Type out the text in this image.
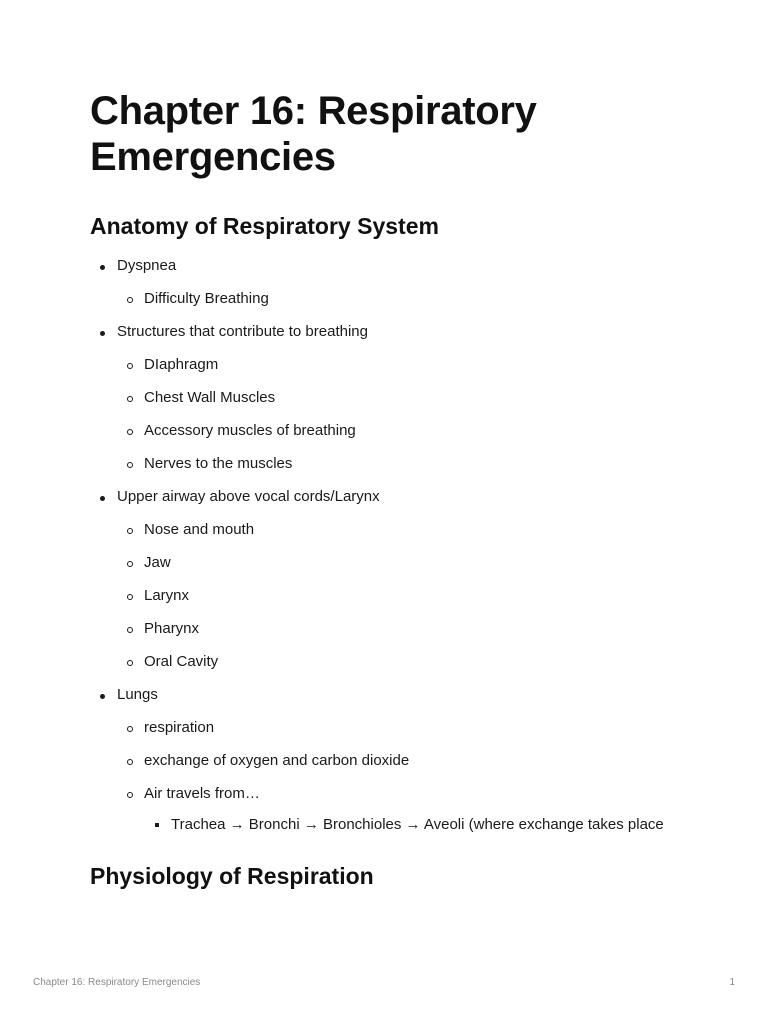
Chapter 16: Respiratory Emergencies
Anatomy of Respiratory System
Dyspnea
Difficulty Breathing
Structures that contribute to breathing
DIaphragm
Chest Wall Muscles
Accessory muscles of breathing
Nerves to the muscles
Upper airway above vocal cords/Larynx
Nose and mouth
Jaw
Larynx
Pharynx
Oral Cavity
Lungs
respiration
exchange of oxygen and carbon dioxide
Air travels from…
Trachea → Bronchi → Bronchioles → Aveoli (where exchange takes place
Physiology of Respiration
Chapter 16: Respiratory Emergencies	1
